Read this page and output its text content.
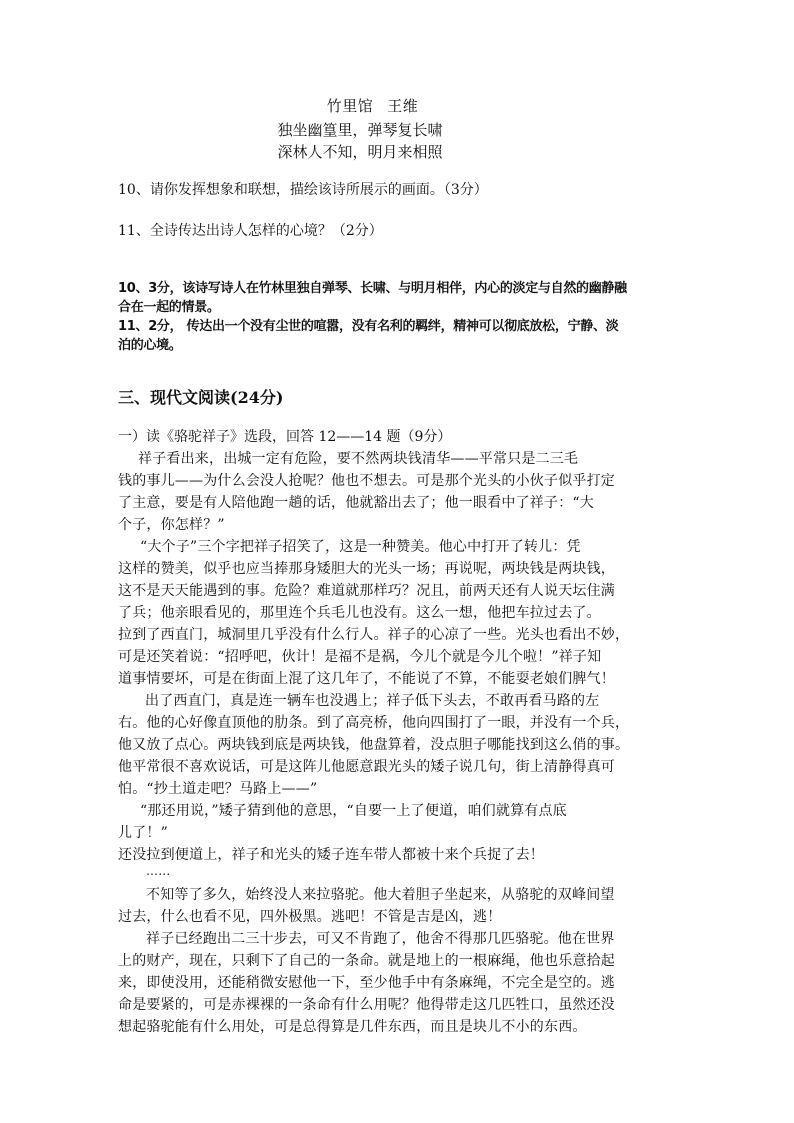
竹里馆 王维
独坐幽篁里，弹琴复长啸
深林人不知，明月来相照
10、请你发挥想象和联想，描绘该诗所展示的画面。（3分）
11、全诗传达出诗人怎样的心境？（2分）
10、3分，该诗写诗人在竹林里独自弹琴、长啸、与明月相伴，内心的淡定与自然的幽静融
合在一起的情景。
11、2分， 传达出一个没有尘世的喧嚣，没有名利的羁绊，精神可以彻底放松，宁静、淡
泊的心境。
三、现代文阅读(24分)
一）读《骆驼祥子》选段，回答 12——14 题（9分）
祥子看出来，出城一定有危险，要不然两块钱清华——平常只是二三毛
钱的事儿——为什么会没人抢呢？他也不想去。可是那个光头的小伙子似乎打定
了主意，要是有人陪他跑一趟的话，他就豁出去了；他一眼看中了祥子：“大
个子，你怎样？”
“大个子”三个字把祥子招笑了，这是一种赞美。他心中打开了转儿：凭
这样的赞美，似乎也应当捧那身矮胆大的光头一场；再说呢，两块钱是两块钱，
这不是天天能遇到的事。危险？难道就那样巧？况且，前两天还有人说天坛住满
了兵；他亲眼看见的，那里连个兵毛儿也没有。这么一想，他把车拉过去了。
拉到了西直门，城洞里几乎没有什么行人。祥子的心凉了一些。光头也看出不妙，
可是还笑着说：“招呼吧，伙计！是福不是祸，今儿个就是今儿个啦！”祥子知
道事情要坏，可是在街面上混了这几年了，不能说了不算，不能耍老娘们脾气！
出了西直门，真是连一辆车也没遇上；祥子低下头去，不敢再看马路的左
右。他的心好像直顶他的肋条。到了高亮桥，他向四围打了一眼，并没有一个兵，
他又放了点心。两块钱到底是两块钱，他盘算着，没点胆子哪能找到这么俏的事。
他平常很不喜欢说话，可是这阵儿他愿意跟光头的矮子说几句，街上清静得真可
怕。“抄土道走吧？马路上——”
“那还用说，”矮子猜到他的意思，“自要一上了便道，咱们就算有点底
儿了！”
还没拉到便道上，祥子和光头的矮子连车带人都被十来个兵捉了去！
……
不知等了多久，始终没人来拉骆驼。他大着胆子坐起来，从骆驼的双峰间望
过去，什么也看不见，四外极黑。逃吧！不管是吉是凶，逃！
祥子已经跑出二三十步去，可又不肯跑了，他舍不得那几匹骆驼。他在世界
上的财产，现在，只剩下了自己的一条命。就是地上的一根麻绳，他也乐意拾起
来，即使没用，还能稍微安慰他一下，至少他手中有条麻绳，不完全是空的。逃
命是要紧的，可是赤裸裸的一条命有什么用呢？他得带走这几匹牲口，虽然还没
想起骆驼能有什么用处，可是总得算是几件东西，而且是块儿不小的东西。
